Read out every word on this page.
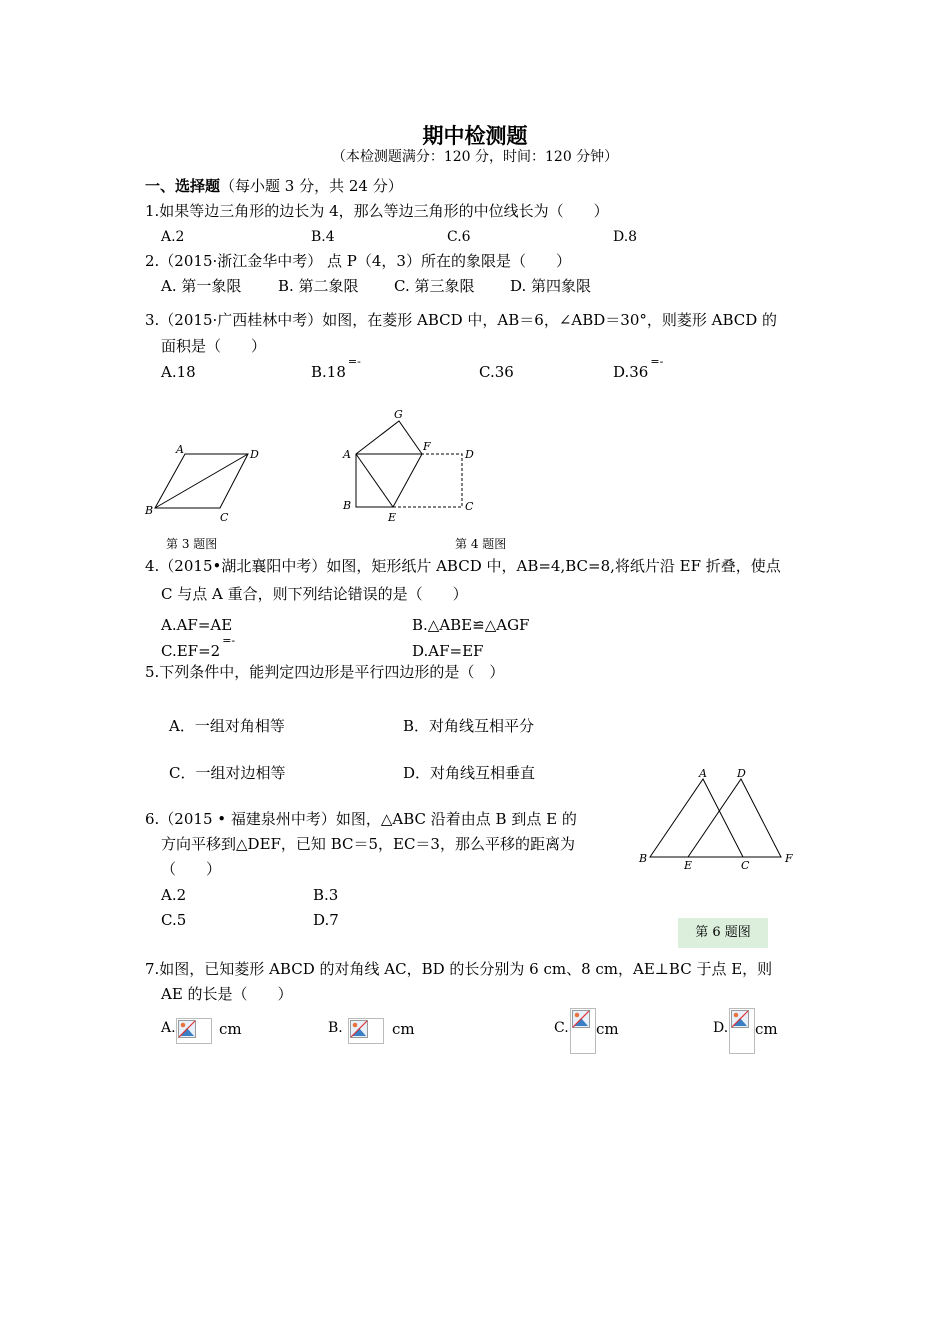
期中检测题
（本检测题满分：120 分，时间：120 分钟）
一、选择题（每小题 3 分，共 24 分）
1.如果等边三角形的边长为 4，那么等边三角形的中位线长为（　　）
A.2	B.4	C.6	D.8
2.（2015·浙江金华中考） 点 P（4，3）所在的象限是（　　）
A. 第一象限 B. 第二象限 C. 第三象限 D. 第四象限
3.（2015·广西桂林中考）如图，在菱形 ABCD 中，AB＝6，∠ABD＝30°，则菱形 ABCD 的
面积是（　　）
A.18	B.18
=-

C.36	D.36
=-

A	D
B
C
第 3 题图
G
F
A	D
B
E
C
第 4 题图
4.（2015•湖北襄阳中考）如图，矩形纸片 ABCD 中，AB=4,BC=8,将纸片沿 EF 折叠，使点
C 与点 A 重合，则下列结论错误的是（　　）
A.AF=AE	B.△ABE≌△AGF
C.EF=2
=-

D.AF=EF
5.下列条件中，能判定四边形是平行四边形的是（　）
A．一组对角相等	B．对角线互相平分
C．一组对边相等	D．对角线互相垂直	A	D
B
E	C
F
第 6 题图
6.（2015 • 福建泉州中考）如图，△ABC 沿着由点 B 到点 E 的
方向平移到△DEF，已知 BC＝5，EC＝3，那么平移的距离为
（　　）
A.2	B.3
C.5	D.7
7.如图，已知菱形 ABCD 的对角线 AC，BD 的长分别为 6 cm、8 cm，AE⊥BC 于点 E，则
AE 的长是（　　）
A.	cm	B.	cm	C. cm	D. cm
